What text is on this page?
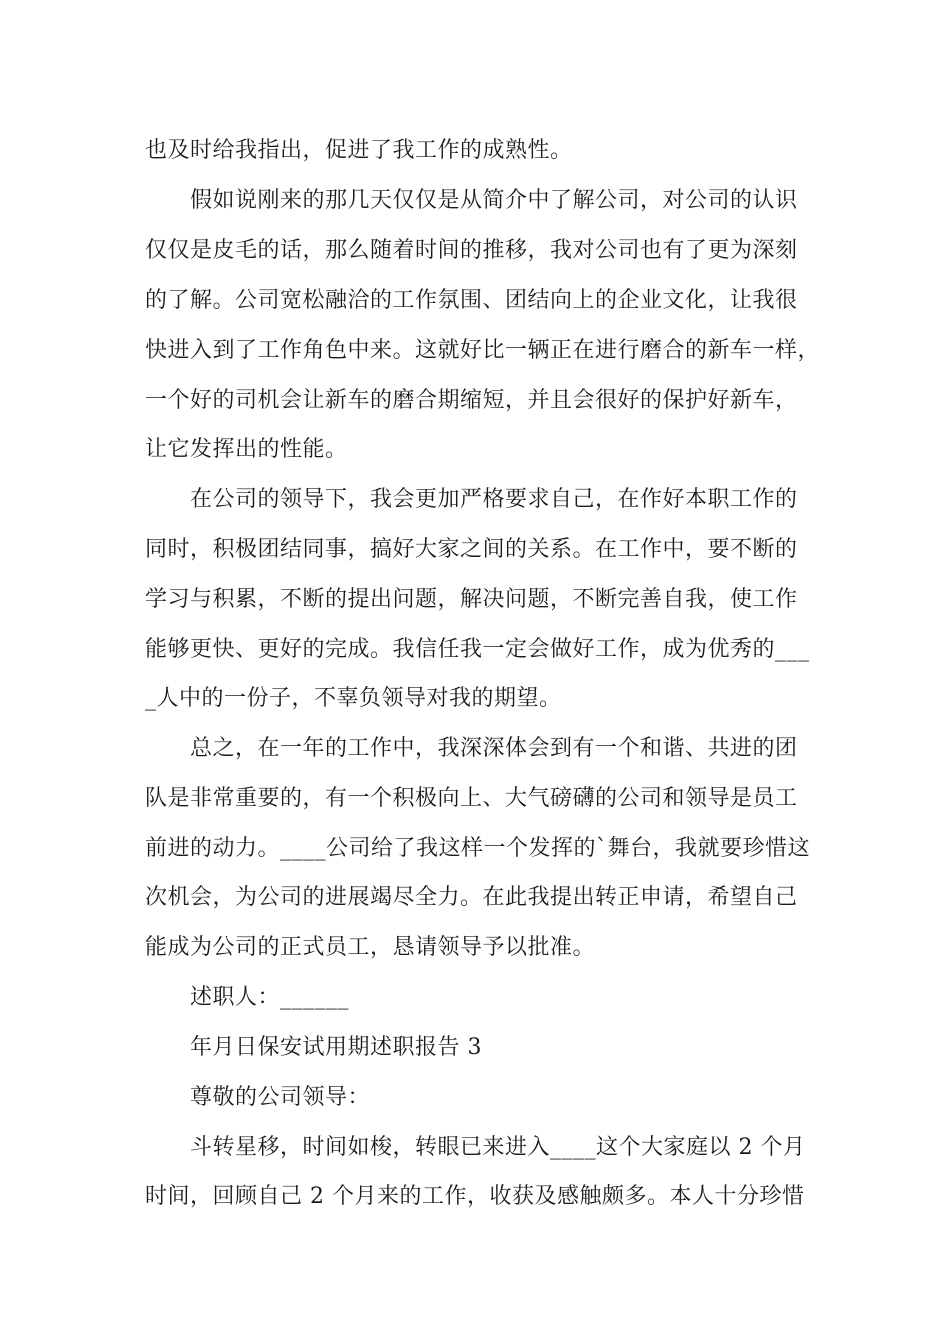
也及时给我指出，促进了我工作的成熟性。
假如说刚来的那几天仅仅是从简介中了解公司，对公司的认识
仅仅是皮毛的话，那么随着时间的推移，我对公司也有了更为深刻
的了解。公司宽松融洽的工作氛围、团结向上的企业文化，让我很
快进入到了工作角色中来。这就好比一辆正在进行磨合的新车一样，
一个好的司机会让新车的磨合期缩短，并且会很好的保护好新车，
让它发挥出的性能。
在公司的领导下，我会更加严格要求自己，在作好本职工作的
同时，积极团结同事，搞好大家之间的关系。在工作中，要不断的
学习与积累，不断的提出问题，解决问题，不断完善自我，使工作
能够更快、更好的完成。我信任我一定会做好工作，成为优秀的___
_人中的一份子，不辜负领导对我的期望。
总之，在一年的工作中，我深深体会到有一个和谐、共进的团
队是非常重要的，有一个积极向上、大气磅礴的公司和领导是员工
前进的动力。____公司给了我这样一个发挥的`舞台，我就要珍惜这
次机会，为公司的进展竭尽全力。在此我提出转正申请，希望自己
能成为公司的正式员工，恳请领导予以批准。
述职人：______
年月日保安试用期述职报告 3
尊敬的公司领导：
斗转星移，时间如梭，转眼已来进入____这个大家庭以 2 个月
时间，回顾自己 2 个月来的工作，收获及感触颇多。本人十分珍惜
